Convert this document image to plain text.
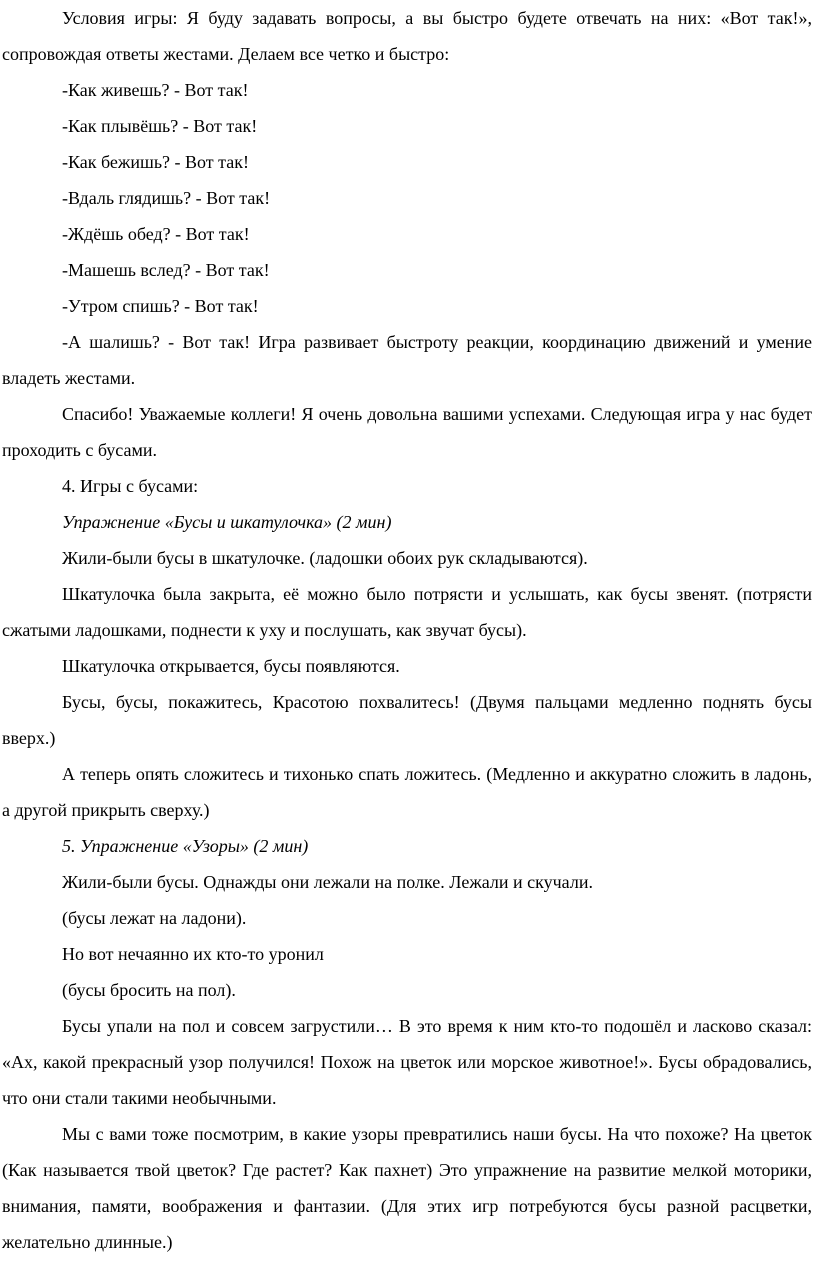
Условия игры: Я буду задавать вопросы, а вы быстро будете отвечать на них: «Вот так!», сопровождая ответы жестами. Делаем все четко и быстро:

-Как живешь? - Вот так!

-Как плывёшь? - Вот так!

-Как бежишь? - Вот так!

-Вдаль глядишь? - Вот так!

-Ждёшь обед? - Вот так!

-Машешь вслед? - Вот так!

-Утром спишь? - Вот так!

-А шалишь? - Вот так! Игра развивает быстроту реакции, координацию движений и умение владеть жестами.

Спасибо! Уважаемые коллеги! Я очень довольна вашими успехами. Следующая игра у нас будет проходить с бусами.

4. Игры с бусами:

Упражнение «Бусы и шкатулочка» (2 мин)

Жили-были бусы в шкатулочке. (ладошки обоих рук складываются).

Шкатулочка была закрыта, её можно было потрясти и услышать, как бусы звенят. (потрясти сжатыми ладошками, поднести к уху и послушать, как звучат бусы).

Шкатулочка открывается, бусы появляются.

Бусы, бусы, покажитесь, Красотою похвалитесь! (Двумя пальцами медленно поднять бусы вверх.)

А теперь опять сложитесь и тихонько спать ложитесь. (Медленно и аккуратно сложить в ладонь, а другой прикрыть сверху.)

5. Упражнение «Узоры» (2 мин)

Жили-были бусы. Однажды они лежали на полке. Лежали и скучали.

(бусы лежат на ладони).

Но вот нечаянно их кто-то уронил

(бусы бросить на пол).

Бусы упали на пол и совсем загрустили… В это время к ним кто-то подошёл и ласково сказал: «Ах, какой прекрасный узор получился! Похож на цветок или морское животное!». Бусы обрадовались, что они стали такими необычными.

Мы с вами тоже посмотрим, в какие узоры превратились наши бусы. На что похоже? На цветок (Как называется твой цветок? Где растет? Как пахнет) Это упражнение на развитие мелкой моторики, внимания, памяти, воображения и фантазии. (Для этих игр потребуются бусы разной расцветки, желательно длинные.)
